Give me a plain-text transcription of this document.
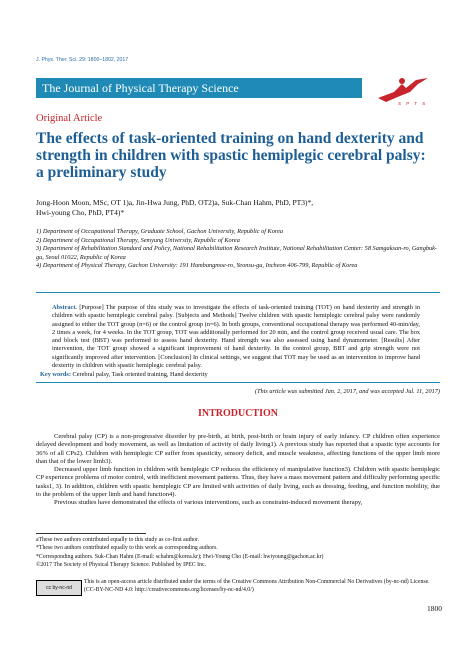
J. Phys. Ther. Sci. 29: 1800–1802, 2017
The Journal of Physical Therapy Science
S P T S
Original Article
The effects of task-oriented training on hand dexterity and strength in children with spastic hemiplegic cerebral palsy: a preliminary study
Jong-Hoon Moon, MSc, OT 1)a, Jin-Hwa Jung, PhD, OT2)a, Suk-Chan Hahm, PhD, PT3)*,
Hwi-young Cho, PhD, PT4)*

1) Department of Occupational Therapy, Graduate School, Gachon University, Republic of Korea

2) Department of Occupational Therapy, Semyung University, Republic of Korea

3) Department of Rehabilitation Standard and Policy, National Rehabilitation Research Institute, National Rehabilitation Center: 58 Samgaksan-ro, Gangbuk-gu, Seoul 01022, Republic of Korea

4) Department of Physical Therapy, Gachon University: 191 Hambangmoe-ro, Yeonsu-gu, Incheon 406-799, Republic of Korea

Abstract. [Purpose] The purpose of this study was to investigate the effects of task-oriented training (TOT) on hand dexterity and strength in children with spastic hemiplegic cerebral palsy. [Subjects and Methods] Twelve children with spastic hemiplegic cerebral palsy were randomly assigned to either the TOT group (n=6) or the control group (n=6). In both groups, conventional occupational therapy was performed 40-min/day, 2 times a week, for 4 weeks. In the TOT group, TOT was additionally performed for 20 min, and the control group received usual care. The box and block test (BBT) was performed to assess hand dexterity. Hand strength was also assessed using hand dynamometer. [Results] After intervention, the TOT group showed a significant improvement of hand dexterity. In the control group, BBT and grip strength were not significantly improved after intervention. [Conclusion] In clinical settings, we suggest that TOT may be used as an intervention to improve hand dexterity in children with spastic hemiplegic cerebral palsy.
Key words: Cerebral palsy, Task oriented training, Hand dexterity
(This article was submitted Jun. 2, 2017, and was accepted Jul. 11, 2017)
INTRODUCTION

Cerebral palsy (CP) is a non-progressive disorder by pre-birth, at birth, post-birth or brain injury of early infancy. CP children often experience delayed development and body movement, as well as limitation of activity of daily living1). A previous study has reported that a spastic type accounts for 36% of all CPs2). Children with hemiplegic CP suffer from spasticity, sensory deficit, and muscle weakness, affecting functions of the upper limb more than that of the lower limb3).

Decreased upper limb function in children with hemiplegic CP reduces the efficiency of manipulative function3). Children with spastic hemiplegic CP experience problems of motor control, with inefficient movement patterns. Thus, they have a mass movement pattern and difficulty performing specific tasks1, 3). In addition, children with spastic hemiplegic CP are limited with activities of daily living, such as dressing, feeding, and function mobility, due to the problem of the upper limb and hand function4).

Previous studies have demonstrated the effects of various interventions, such as constraint-induced movement therapy,

aThese two authors contributed equally to this study as co-first author.

*These two authors contributed equally to this work as corresponding authors.

*Corresponding authors. Suk-Chan Hahm (E-mail: schahm@korea.kr); Hwi-Young Cho (E-mail: hwiyoung@gachon.ac.kr)

©2017 The Society of Physical Therapy Science. Published by IPEC Inc.

cc by-nc-nd
This is an open-access article distributed under the terms of the Creative Commons Attribution Non-Commercial No Derivatives (by-nc-nd) License. (CC-BY-NC-ND 4.0: http://creativecommons.org/licenses/by-nc-nd/4.0/)
1800
